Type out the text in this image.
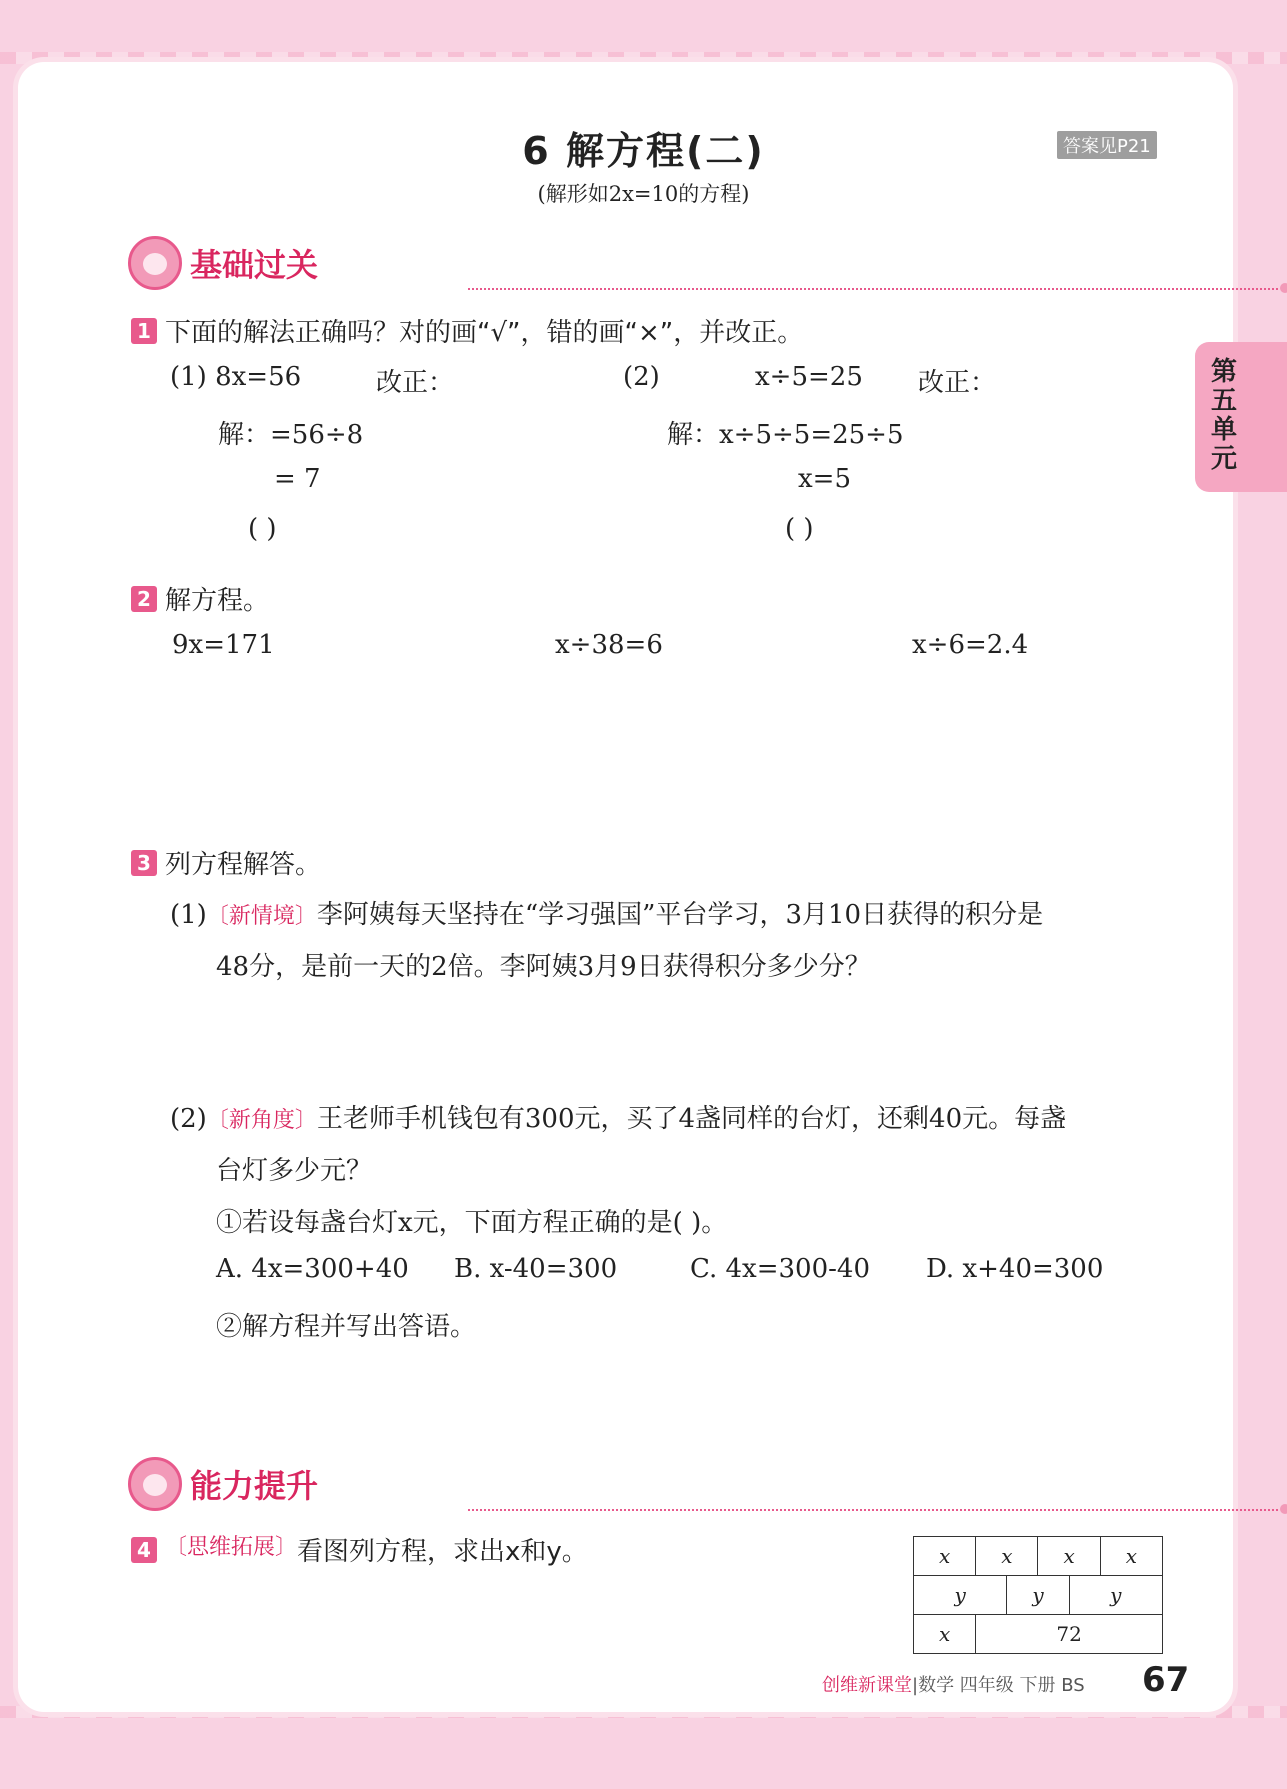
6 解方程(二)
(解形如2x=10的方程)
答案见P21
第五单元
基础过关
1 下面的解法正确吗？对的画“√”，错的画“×”，并改正。
(1) 8x=56	改正：
解：=56÷8
= 7
( )
(2)	x÷5=25 改正：
解：x÷5÷5=25÷5
x=5
( )
2 解方程。
9x=171	x÷38=6	x÷6=2.4
3 列方程解答。
(1)〔新情境〕李阿姨每天坚持在“学习强国”平台学习，3月10日获得的积分是
48分，是前一天的2倍。李阿姨3月9日获得积分多少分？
(2)〔新角度〕王老师手机钱包有300元，买了4盏同样的台灯，还剩40元。每盏
台灯多少元？
①若设每盏台灯x元，下面方程正确的是( )。
A. 4x=300+40 B. x-40=300	C. 4x=300-40 D. x+40=300
②解方程并写出答语。
能力提升
4 〔思维拓展〕看图列方程，求出x和y。	x	x		x		x
y		y		y	
x	72				
创维新课堂|数学 四年级 下册 BS 67
